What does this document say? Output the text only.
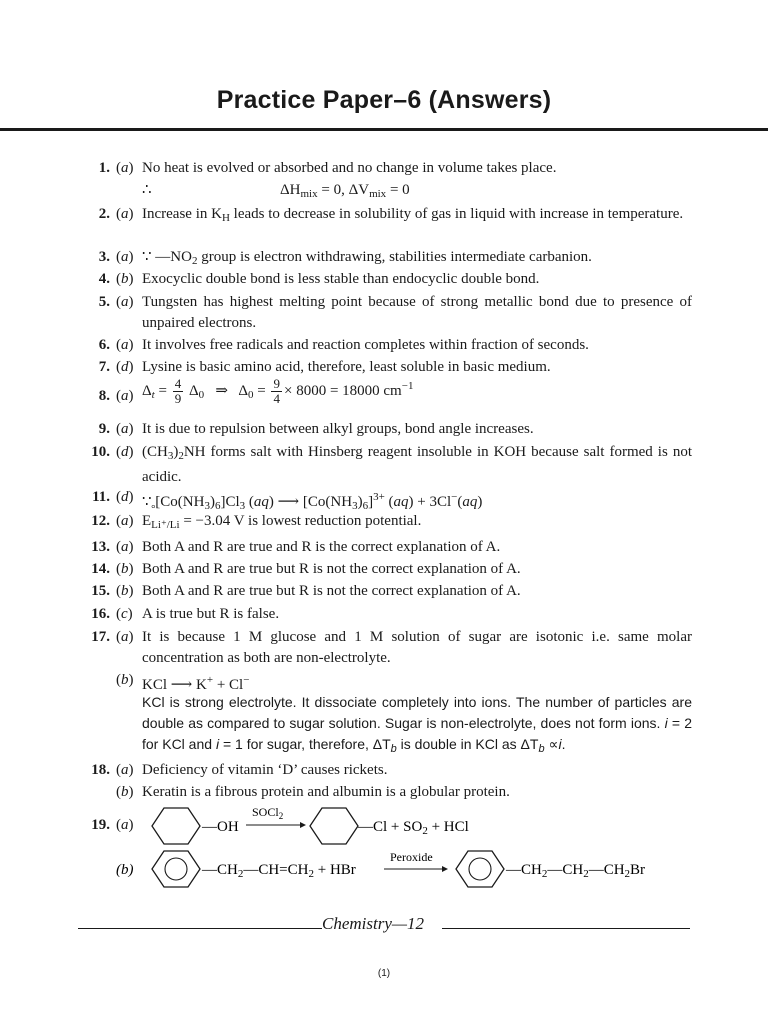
Practice Paper–6 (Answers)
1. ( a ) No heat is evolved or absorbed and no change in volume takes place.
∴	$\Delta H_{mix} = 0$, $\Delta V_{mix} = 0$
2. ( a ) Increase in $K_H$ leads to decrease in solubility of gas in liquid with increase in temperature.
3. ( a ) ∵ $—NO_2$ group is electron withdrawing, stabilities intermediate carbanion.
4. ( b ) Exocyclic double bond is less stable than endocyclic double bond.
5. ( a ) Tungsten has highest melting point because of strong metallic bond due to presence of unpaired electrons.
6. ( a ) It involves free radicals and reaction completes within fraction of seconds.
7. ( d ) Lysine is basic amino acid, therefore, least soluble in basic medium.
8. ( a ) $\Delta_t = \frac{4}{9} \Delta_0$ ⇒ $\Delta_0 = \frac{9}{4} \times 8000 = 18000$ $cm^{-1}$
9. ( a ) It is due to repulsion between alkyl groups, bond angle increases.
10. ( d ) $(CH_3)_2NH$ forms salt with Hinsberg reagent insoluble in KOH because salt formed is not acidic.
11. ( d ) ∵ $[Co(NH_3)_6]Cl_3$ (aq) ⟶ $[Co(NH_3)_6]^{3+}$ (aq) + 3Cl−(aq)
12. ( a ) E
°
$_{Li^+/Li}$ = −3.04 V is lowest reduction potential.
13. ( a ) Both A and R are true and R is the correct explanation of A.
14. ( b ) Both A and R are true but R is not the correct explanation of A.
15. ( b ) Both A and R are true but R is not the correct explanation of A.
16. ( c ) A is true but R is false.
17. ( a ) It is because 1 M glucose and 1 M solution of sugar are isotonic i.e. same molar concentration as both are non-electrolyte.
( b ) KCl ⟶ K+ + Cl−
KCl is strong electrolyte. It dissociate completely into ions. The number of particles are double as compared to sugar solution. Sugar is non-electrolyte, does not form ions. i = 2 for KCl and i = 1 for sugar, therefore, $\Delta T_b$ is double in KCl as $\Delta T_b \propto i$.
18. ( a ) Deficiency of vitamin ‘D’ causes rickets.
( b ) Keratin is a fibrous protein and albumin is a globular protein.
19. ( a )	—OH
SOCl$_2$
—Cl + $SO_2$ + HCl
(b)	$—CH_2—CH=CH_2$ + HBr
Peroxide
$—CH_2—CH_2—CH_2Br$
Chemistry—12
(1)
